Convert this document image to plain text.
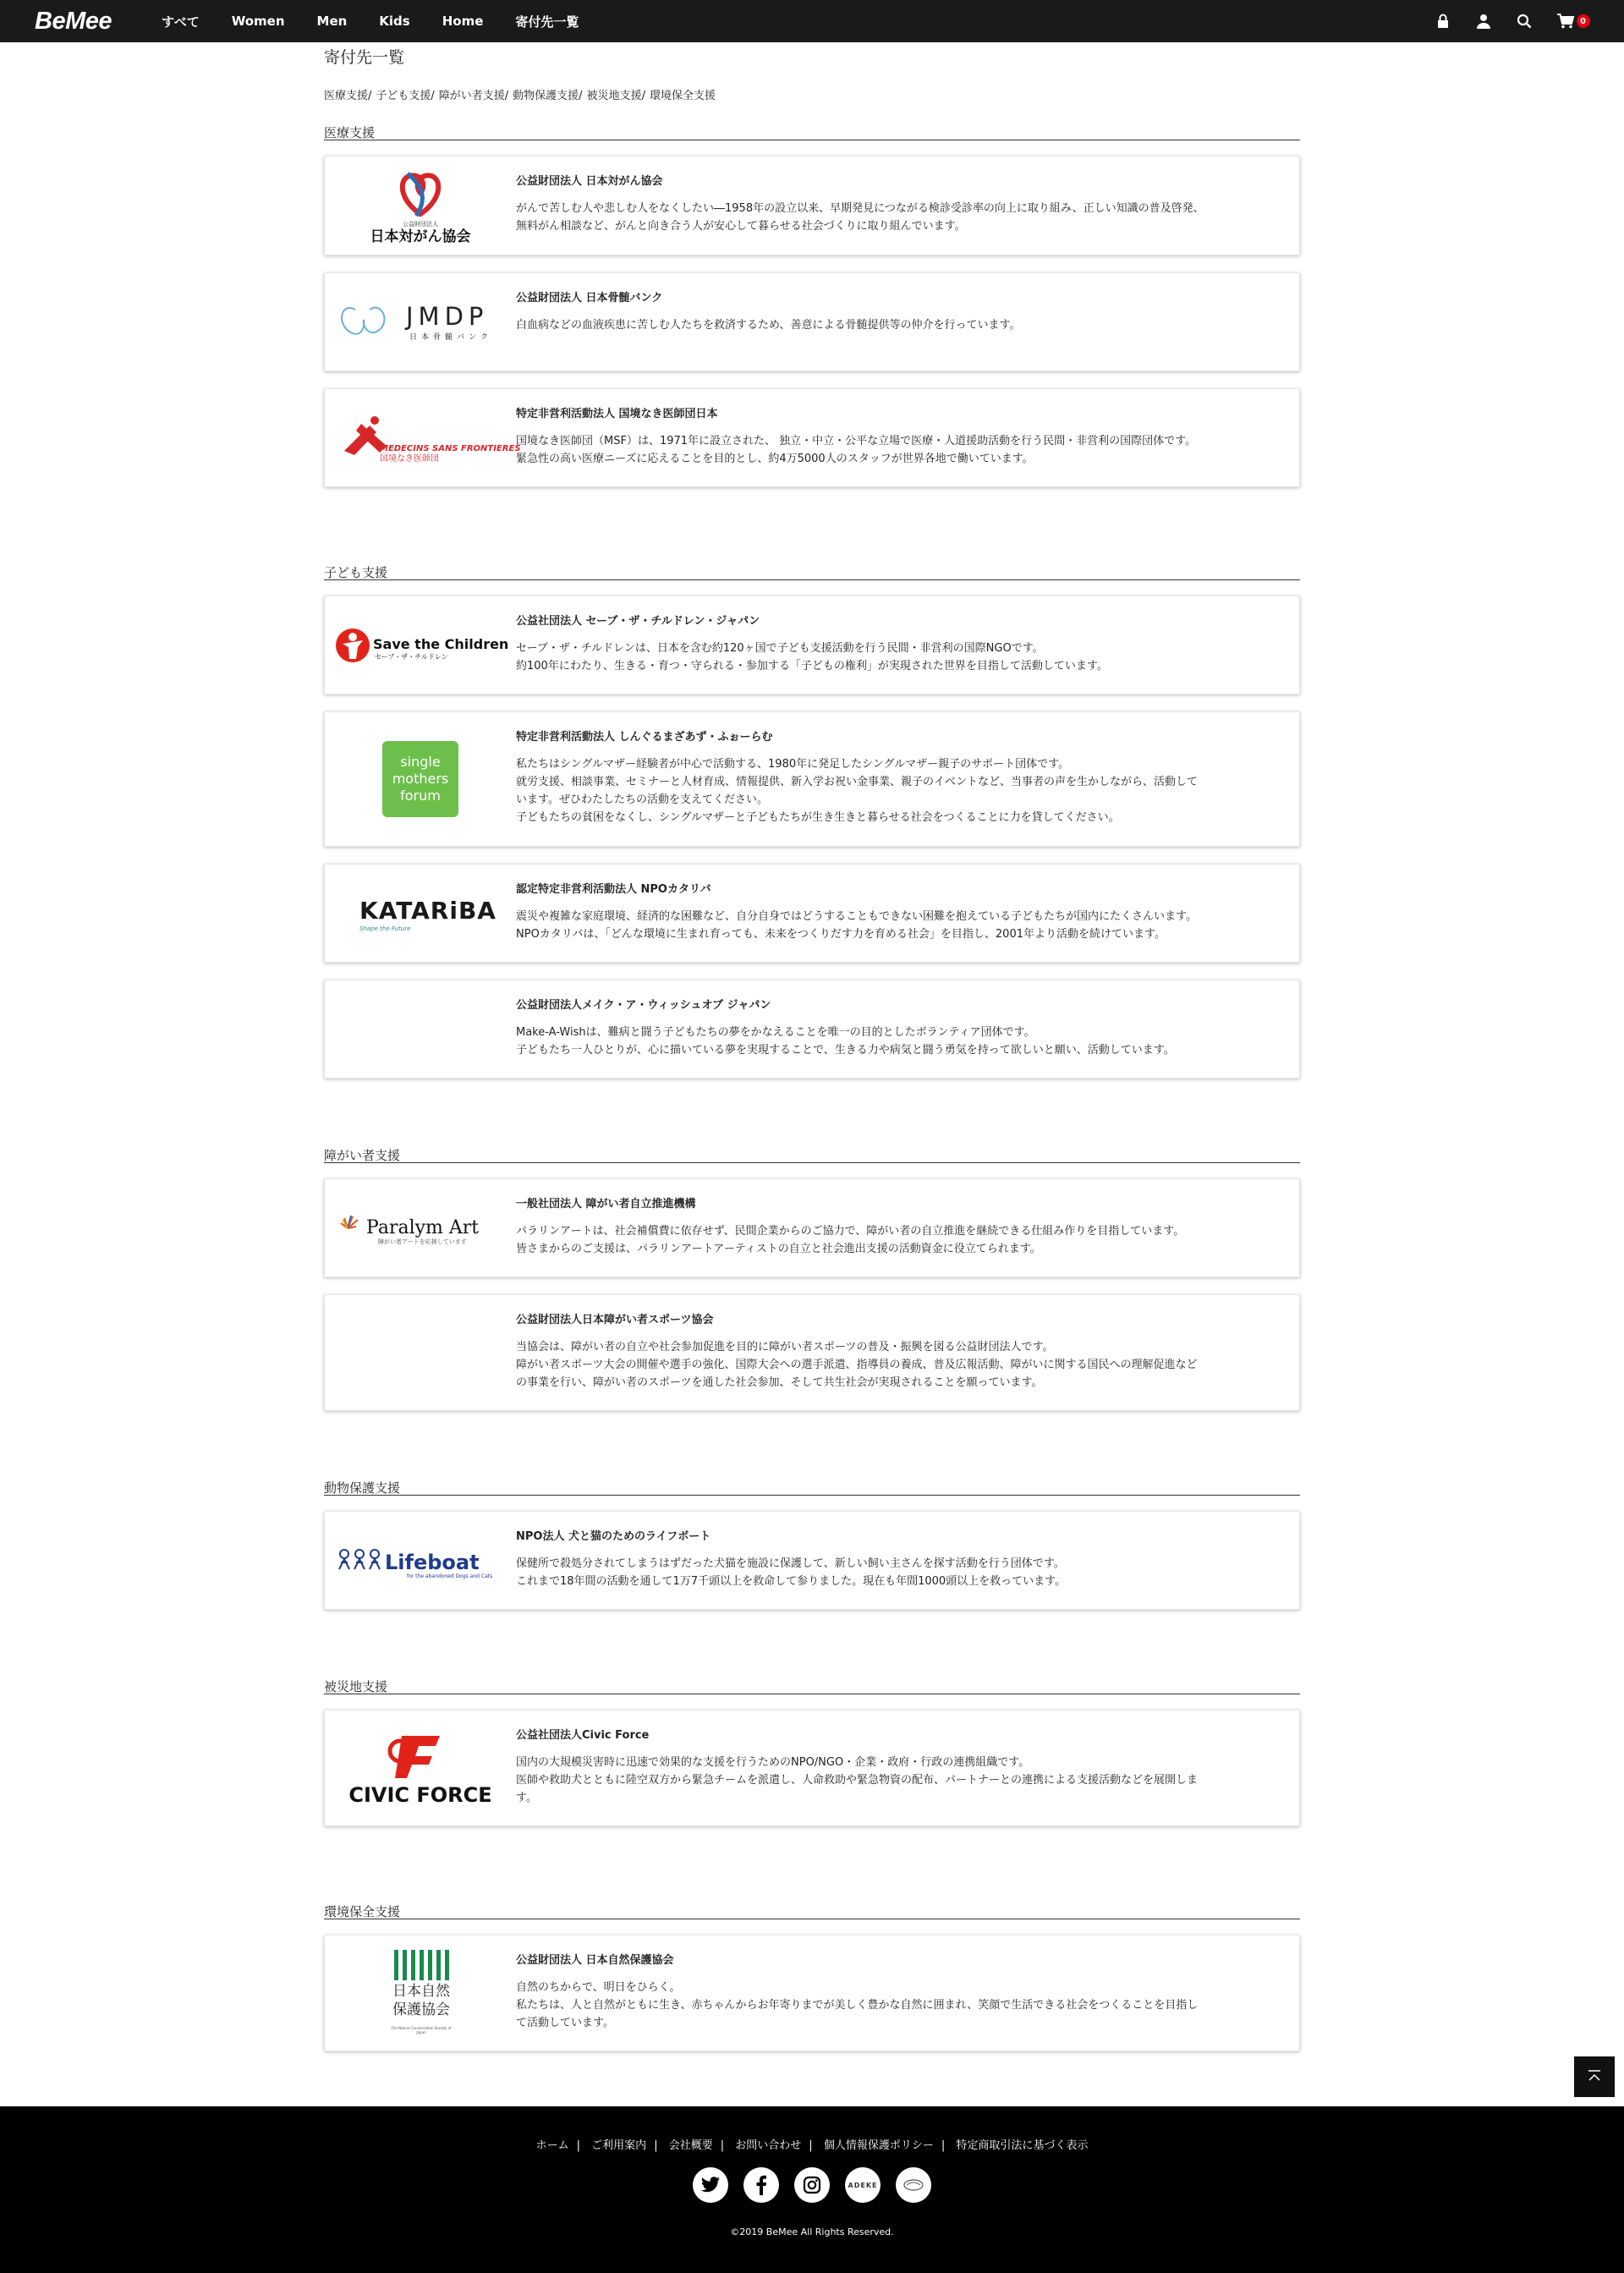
BeMee	すべて	Women	Men	Kids	Home	寄付先一覧	0
寄付先一覧
医療支援/ 子ども支援/ 障がい者支援/ 動物保護支援/ 被災地支援/ 環境保全支援
医療支援
公益財団法人
日本対がん協会
公益財団法人 日本対がん協会
がんで苦しむ人や悲しむ人をなくしたい―1958年の設立以来、早期発見につながる検診受診率の向上に取り組み、正しい知識の普及啓発、
無料がん相談など、がんと向き合う人が安心して暮らせる社会づくりに取り組んでいます。
JMDP
日本骨髄バンク
公益財団法人 日本骨髄バンク
白血病などの血液疾患に苦しむ人たちを救済するため、善意による骨髄提供等の仲介を行っています。
MEDECINS SANS FRONTIERES
国境なき医師団
特定非営利活動法人 国境なき医師団日本
国境なき医師団（MSF）は、1971年に設立された、 独立・中立・公平な立場で医療・人道援助活動を行う民間・非営利の国際団体です。
緊急性の高い医療ニーズに応えることを目的とし、約4万5000人のスタッフが世界各地で働いています。
子ども支援
Save the Children
セーブ・ザ・チルドレン
公益社団法人 セーブ・ザ・チルドレン・ジャパン
セーブ・ザ・チルドレンは、日本を含む約120ヶ国で子ども支援活動を行う民間・非営利の国際NGOです。
約100年にわたり、生きる・育つ・守られる・参加する「子どもの権利」が実現された世界を目指して活動しています。
single mothers forum
特定非営利活動法人 しんぐるまざあず・ふぉーらむ
私たちはシングルマザー経験者が中心で活動する、1980年に発足したシングルマザー親子のサポート団体です。
就労支援、相談事業、セミナーと人材育成、情報提供、新入学お祝い金事業、親子のイベントなど、当事者の声を生かしながら、活動して
います。ぜひわたしたちの活動を支えてください。
子どもたちの貧困をなくし、シングルマザーと子どもたちが生き生きと暮らせる社会をつくることに力を貸してください。
KATARiBA
Shape the Future
認定特定非営利活動法人 NPOカタリバ
震災や複雑な家庭環境、経済的な困難など、自分自身ではどうすることもできない困難を抱えている子どもたちが国内にたくさんいます。
NPOカタリバは、「どんな環境に生まれ育っても、未来をつくりだす力を育める社会」を目指し、2001年より活動を続けています。
公益財団法人メイク・ア・ウィッシュオブ ジャパン
Make-A-Wishは、難病と闘う子どもたちの夢をかなえることを唯一の目的としたボランティア団体です。
子どもたち一人ひとりが、心に描いている夢を実現することで、生きる力や病気と闘う勇気を持って欲しいと願い、活動しています。
障がい者支援
Paralym Art
障がい者アートを応援しています
一般社団法人 障がい者自立推進機構
パラリンアートは、社会補償費に依存せず、民間企業からのご協力で、障がい者の自立推進を継続できる仕組み作りを目指しています。
皆さまからのご支援は、パラリンアートアーティストの自立と社会進出支援の活動資金に役立てられます。
公益財団法人日本障がい者スポーツ協会
当協会は、障がい者の自立や社会参加促進を目的に障がい者スポーツの普及・振興を図る公益財団法人です。
障がい者スポーツ大会の開催や選手の強化、国際大会への選手派遣、指導員の養成、普及広報活動、障がいに関する国民への理解促進など
の事業を行い、障がい者のスポーツを通した社会参加、そして共生社会が実現されることを願っています。
動物保護支援
Lifeboat
for the abandoned Dogs and Cats
NPO法人 犬と猫のためのライフボート
保健所で殺処分されてしまうはずだった犬猫を施設に保護して、新しい飼い主さんを探す活動を行う団体です。
これまで18年間の活動を通して1万7千頭以上を救命して参りました。現在も年間1000頭以上を救っています。
被災地支援
CIVIC FORCE
公益社団法人Civic Force
国内の大規模災害時に迅速で効果的な支援を行うためのNPO/NGO・企業・政府・行政の連携組織です。
医師や救助犬とともに陸空双方から緊急チームを派遣し、人命救助や緊急物資の配布、パートナーとの連携による支援活動などを展開しま
す。
環境保全支援
日本自然保護協会
The Nature Conservation Society of Japan
公益財団法人 日本自然保護協会
自然のちからで、明日をひらく。
私たちは、人と自然がともに生き、赤ちゃんからお年寄りまでが美しく豊かな自然に囲まれ、笑顔で生活できる社会をつくることを目指し
て活動しています。
ホーム | ご利用案内 | 会社概要 | お問い合わせ | 個人情報保護ポリシー | 特定商取引法に基づく表示
ADEKE
©2019 BeMee All Rights Reserved.
